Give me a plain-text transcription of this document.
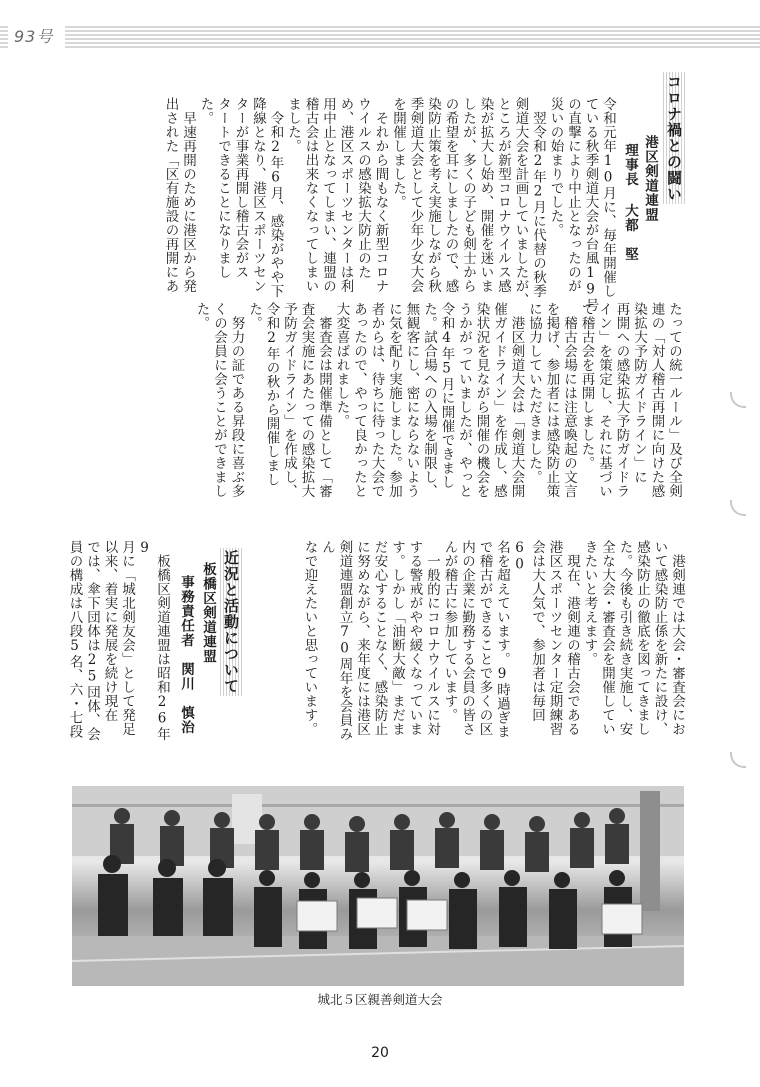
93号
コロナ禍との闘い

港区剣道連盟

理事長 大都　堅

令和元年10月に、毎年開催し
ている秋季剣道大会が台風19号
の直撃により中止となったのが
災いの始まりでした。
　翌令和2年2月に代替の秋季
剣道大会を計画していましたが、
ところが新型コロナウイルス感
染が拡大し始め、開催を迷いま
したが、多くの子ども剣士から
の希望を耳にしましたので、感
染防止策を考え実施しながら秋
季剣道大会として少年少女大会
を開催しました。
　それから間もなく新型コロナ
ウイルスの感染拡大防止のた
め、港区スポーツセンターは利
用中止となってしまい、連盟の
稽古会は出来なくなってしまい
ました。
　令和2年6月、感染がやや下
降線となり、港区スポーツセン
ターが事業再開し稽古会がス
タートできることになりまし
た。
　早速再開のために港区から発
出された「区有施設の再開にあ

たっての統一ルール」及び全剣
連の「対人稽古再開に向けた感
染拡大予防ガイドライン」に
再開への感染拡大予防ガイドラ
イン」を策定し、それに基づい
て稽古会を再開しました。
　稽古会場には注意喚起の文言
を掲げ、参加者には感染防止策
に協力していただきました。
　港区剣道大会は「剣道大会開
催ガイドライン」を作成し、感
染状況を見ながら開催の機会を
うかがっていましたが、やっと
令和4年5月に開催できまし
た。試合場への入場を制限し、
無観客にし、密にならないよう
に気を配り実施しました。参加
者からは、待ちに待った大会で
あったので、やって良かったと
大変喜ばれました。
　審査会は開催準備として「審
査会実施にあたっての感染拡大
予防ガイドライン」を作成し、
令和2年の秋から開催しまし
た。
　努力の証である昇段に喜ぶ多
くの会員に会うことができまし
た。

　港剣連では大会・審査会にお
いて感染防止係を新たに設け、
感染防止の徹底を図ってきまし
た。今後も引き続き実施し、安
全な大会・審査会を開催してい
きたいと考えます。
　現在、港剣連の稽古会である
港区スポーツセンター定期練習
会は大人気で、参加者は毎回60
名を超えています。9時過ぎま
で稽古ができることで多くの区
内の企業に勤務する会員の皆さ
んが稽古に参加しています。
　一般的にコロナウイルスに対
する警戒がやや緩くなっていま
す。しかし「油断大敵」まだま
だ安心することなく、感染防止
に努めながら、来年度には港区
剣道連盟創立70周年を会員みん
なで迎えたいと思っています。

近況と活動について

板橋区剣道連盟

事務責任者　関川　慎治

　板橋区剣道連盟は昭和26年9
月に「城北剣友会」として発足
以来、着実に発展を続け現在
では、傘下団体は25団体、会
員の構成は八段5名、六・七段

城北５区親善剣道大会

20
